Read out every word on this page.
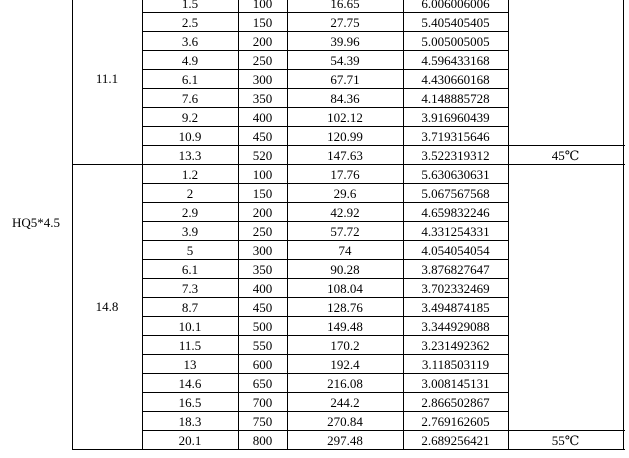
HQ5*4.5
1.5	100	16.65	6.006006006
2.5	150	27.75	5.405405405
3.6	200	39.96	5.005005005
4.9	250	54.39	4.596433168
6.1	300	67.71	4.430660168
7.6	350	84.36	4.148885728
9.2	400	102.12	3.916960439
10.9	450	120.99	3.719315646
13.3	520	147.63	3.522319312	45℃
11.1
1.2	100	17.76	5.630630631
2	150	29.6	5.067567568
2.9	200	42.92	4.659832246
3.9	250	57.72	4.331254331
5	300	74	4.054054054
6.1	350	90.28	3.876827647
7.3	400	108.04	3.702332469
8.7	450	128.76	3.494874185
10.1	500	149.48	3.344929088
11.5	550	170.2	3.231492362
13	600	192.4	3.118503119
14.6	650	216.08	3.008145131
16.5	700	244.2	2.866502867
18.3	750	270.84	2.769162605
20.1	800	297.48	2.689256421	55℃
14.8
